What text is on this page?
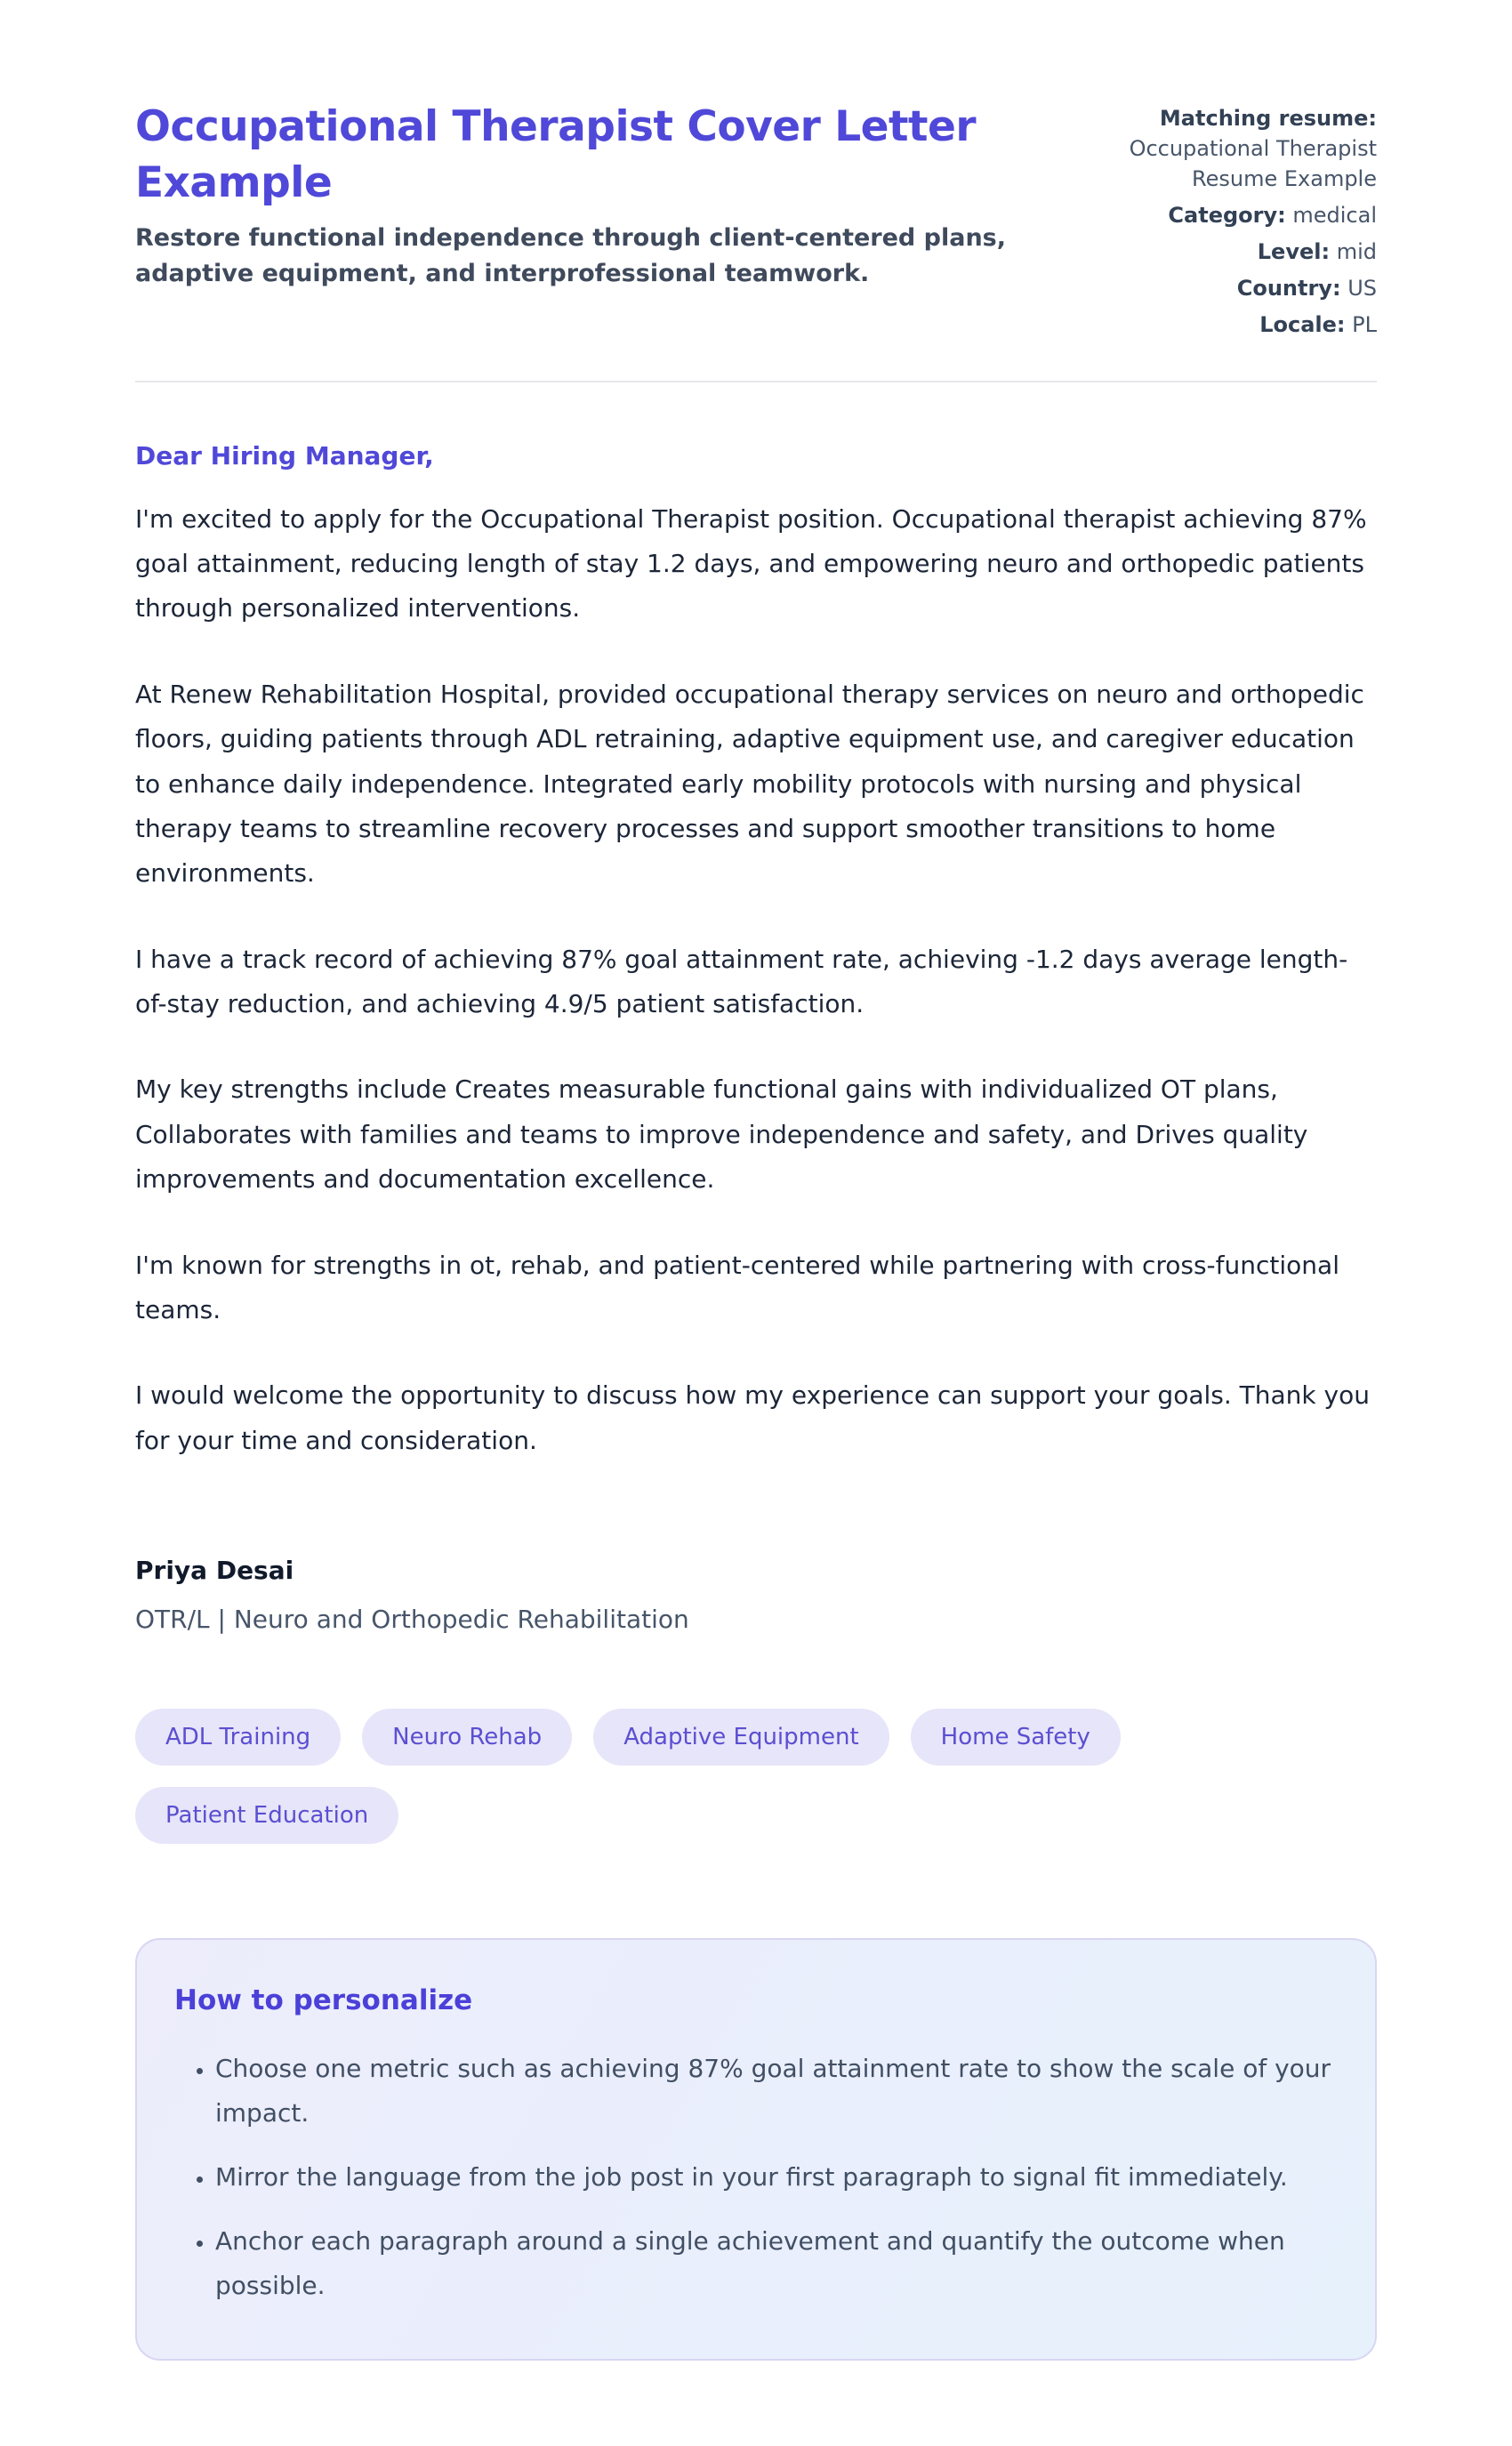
Occupational Therapist Cover Letter Example

Restore functional independence through client-centered plans, adaptive equipment, and interprofessional teamwork.

Matching resume:
Occupational Therapist Resume Example
Category: medical
Level: mid
Country: US
Locale: PL

Dear Hiring Manager,

I'm excited to apply for the Occupational Therapist position. Occupational therapist achieving 87% goal attainment, reducing length of stay 1.2 days, and empowering neuro and orthopedic patients through personalized interventions.

At Renew Rehabilitation Hospital, provided occupational therapy services on neuro and orthopedic floors, guiding patients through ADL retraining, adaptive equipment use, and caregiver education to enhance daily independence. Integrated early mobility protocols with nursing and physical therapy teams to streamline recovery processes and support smoother transitions to home environments.

I have a track record of achieving 87% goal attainment rate, achieving -1.2 days average length-of-stay reduction, and achieving 4.9/5 patient satisfaction.

My key strengths include Creates measurable functional gains with individualized OT plans, Collaborates with families and teams to improve independence and safety, and Drives quality improvements and documentation excellence.

I'm known for strengths in ot, rehab, and patient-centered while partnering with cross-functional teams.

I would welcome the opportunity to discuss how my experience can support your goals. Thank you for your time and consideration.

Priya Desai

OTR/L | Neuro and Orthopedic Rehabilitation

ADL Training	Neuro Rehab	Adaptive Equipment	Home Safety
Patient Education
How to personalize
• Choose one metric such as achieving 87% goal attainment rate to show the scale of your impact.
• Mirror the language from the job post in your first paragraph to signal fit immediately.
• Anchor each paragraph around a single achievement and quantify the outcome when possible.
